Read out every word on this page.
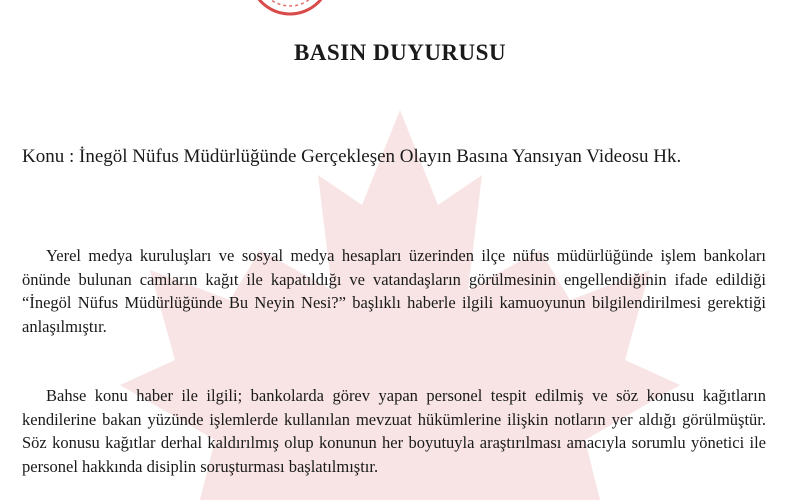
BASIN DUYURUSU

Konu : İnegöl Nüfus Müdürlüğünde Gerçekleşen Olayın Basına Yansıyan Videosu Hk.

Yerel medya kuruluşları ve sosyal medya hesapları üzerinden ilçe nüfus müdürlüğünde işlem bankoları önünde bulunan camların kağıt ile kapatıldığı ve vatandaşların görülmesinin engellendiğinin ifade edildiği “İnegöl Nüfus Müdürlüğünde Bu Neyin Nesi?” başlıklı haberle ilgili kamuoyunun bilgilendirilmesi gerektiği anlaşılmıştır.

Bahse konu haber ile ilgili; bankolarda görev yapan personel tespit edilmiş ve söz konusu kağıtların kendilerine bakan yüzünde işlemlerde kullanılan mevzuat hükümlerine ilişkin notların yer aldığı görülmüştür. Söz konusu kağıtlar derhal kaldırılmış olup konunun her boyutuyla araştırılması amacıyla sorumlu yönetici ile personel hakkında disiplin soruşturması başlatılmıştır.
